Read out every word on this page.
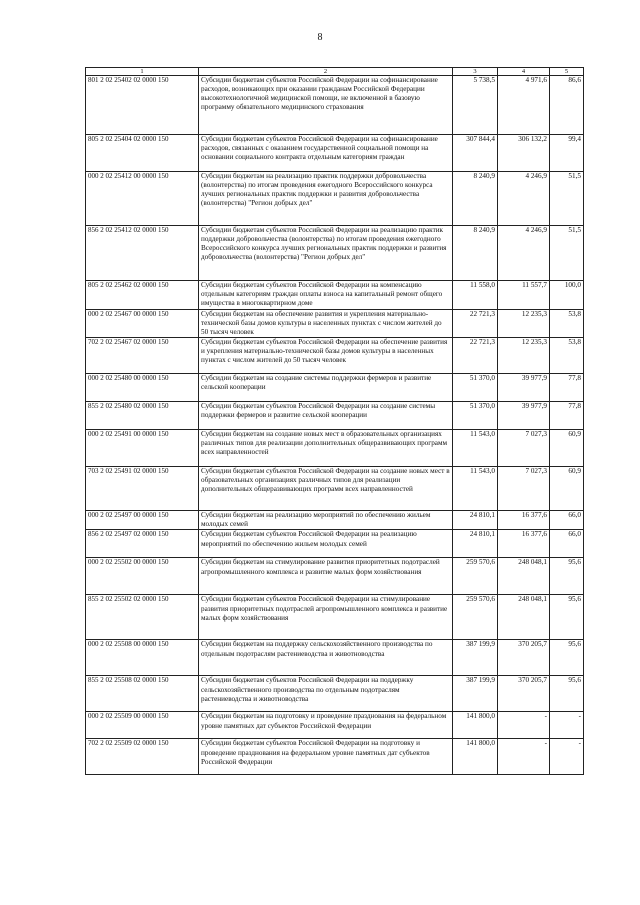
8
1	2	3	4	5
801 2 02 25402 02 0000 150	Субсидии бюджетам субъектов Российской Федерации на софинансирование расходов, возникающих при оказании гражданам Российской Федерации высокотехнологичной медицинской помощи, не включенной в базовую программу обязательного медицинского страхования	5 738,5	4 971,6	86,6
805 2 02 25404 02 0000 150	Субсидии бюджетам субъектов Российской Федерации на софинансирование расходов, связанных с оказанием государственной социальной помощи на основании социального контракта отдельным категориям граждан	307 844,4	306 132,2	99,4
000 2 02 25412 00 0000 150	Субсидии бюджетам на реализацию практик поддержки добровольчества (волонтерства) по итогам проведения ежегодного Всероссийского конкурса лучших региональных практик поддержки и развития добровольчества (волонтерства) "Регион добрых дел"	8 240,9	4 246,9	51,5
856 2 02 25412 02 0000 150	Субсидии бюджетам субъектов Российской Федерации на реализацию практик поддержки добровольчества (волонтерства) по итогам проведения ежегодного Всероссийского конкурса лучших региональных практик поддержки и развития добровольчества (волонтерства) "Регион добрых дел"	8 240,9	4 246,9	51,5
805 2 02 25462 02 0000 150	Субсидии бюджетам субъектов Российской Федерации на компенсацию отдельным категориям граждан оплаты взноса на капитальный ремонт общего имущества в многоквартирном доме	11 558,0	11 557,7	100,0
000 2 02 25467 00 0000 150	Субсидии бюджетам на обеспечение развития и укрепления материально-технической базы домов культуры в населенных пунктах с числом жителей до 50 тысяч человек	22 721,3	12 235,3	53,8
702 2 02 25467 02 0000 150	Субсидии бюджетам субъектов Российской Федерации на обеспечение развития и укрепления материально-технической базы домов культуры в населенных пунктах с числом жителей до 50 тысяч человек	22 721,3	12 235,3	53,8
000 2 02 25480 00 0000 150	Субсидии бюджетам на создание системы поддержки фермеров и развитие сельской кооперации	51 370,0	39 977,9	77,8
855 2 02 25480 02 0000 150	Субсидии бюджетам субъектов Российской Федерации на создание системы поддержки фермеров и развитие сельской кооперации	51 370,0	39 977,9	77,8
000 2 02 25491 00 0000 150	Субсидии бюджетам на создание новых мест в образовательных организациях различных типов для реализации дополнительных общеразвивающих программ всех направленностей	11 543,0	7 027,3	60,9
703 2 02 25491 02 0000 150	Субсидии бюджетам субъектов Российской Федерации на создание новых мест в образовательных организациях различных типов для реализации дополнительных общеразвивающих программ всех направленностей	11 543,0	7 027,3	60,9
000 2 02 25497 00 0000 150	Субсидии бюджетам на реализацию мероприятий по обеспечению жильем молодых семей	24 810,1	16 377,6	66,0
856 2 02 25497 02 0000 150	Субсидии бюджетам субъектов Российской Федерации на реализацию мероприятий по обеспечению жильем молодых семей	24 810,1	16 377,6	66,0
000 2 02 25502 00 0000 150	Субсидии бюджетам на стимулирование развития приоритетных подотраслей агропромышленного комплекса и развитие малых форм хозяйствования	259 570,6	248 048,1	95,6
855 2 02 25502 02 0000 150	Субсидии бюджетам субъектов Российской Федерации на стимулирование развития приоритетных подотраслей агропромышленного комплекса и развитие малых форм хозяйствования	259 570,6	248 048,1	95,6
000 2 02 25508 00 0000 150	Субсидии бюджетам на поддержку сельскохозяйственного производства по отдельным подотраслям растениеводства и животноводства	387 199,9	370 205,7	95,6
855 2 02 25508 02 0000 150	Субсидии бюджетам субъектов Российской Федерации на поддержку сельскохозяйственного производства по отдельным подотраслям растениеводства и животноводства	387 199,9	370 205,7	95,6
000 2 02 25509 00 0000 150	Субсидии бюджетам на подготовку и проведение празднования на федеральном уровне памятных дат субъектов Российской Федерации	141 800,0	-	-
702 2 02 25509 02 0000 150	Субсидии бюджетам субъектов Российской Федерации на подготовку и проведение празднования на федеральном уровне памятных дат субъектов Российской Федерации	141 800,0	-	-
